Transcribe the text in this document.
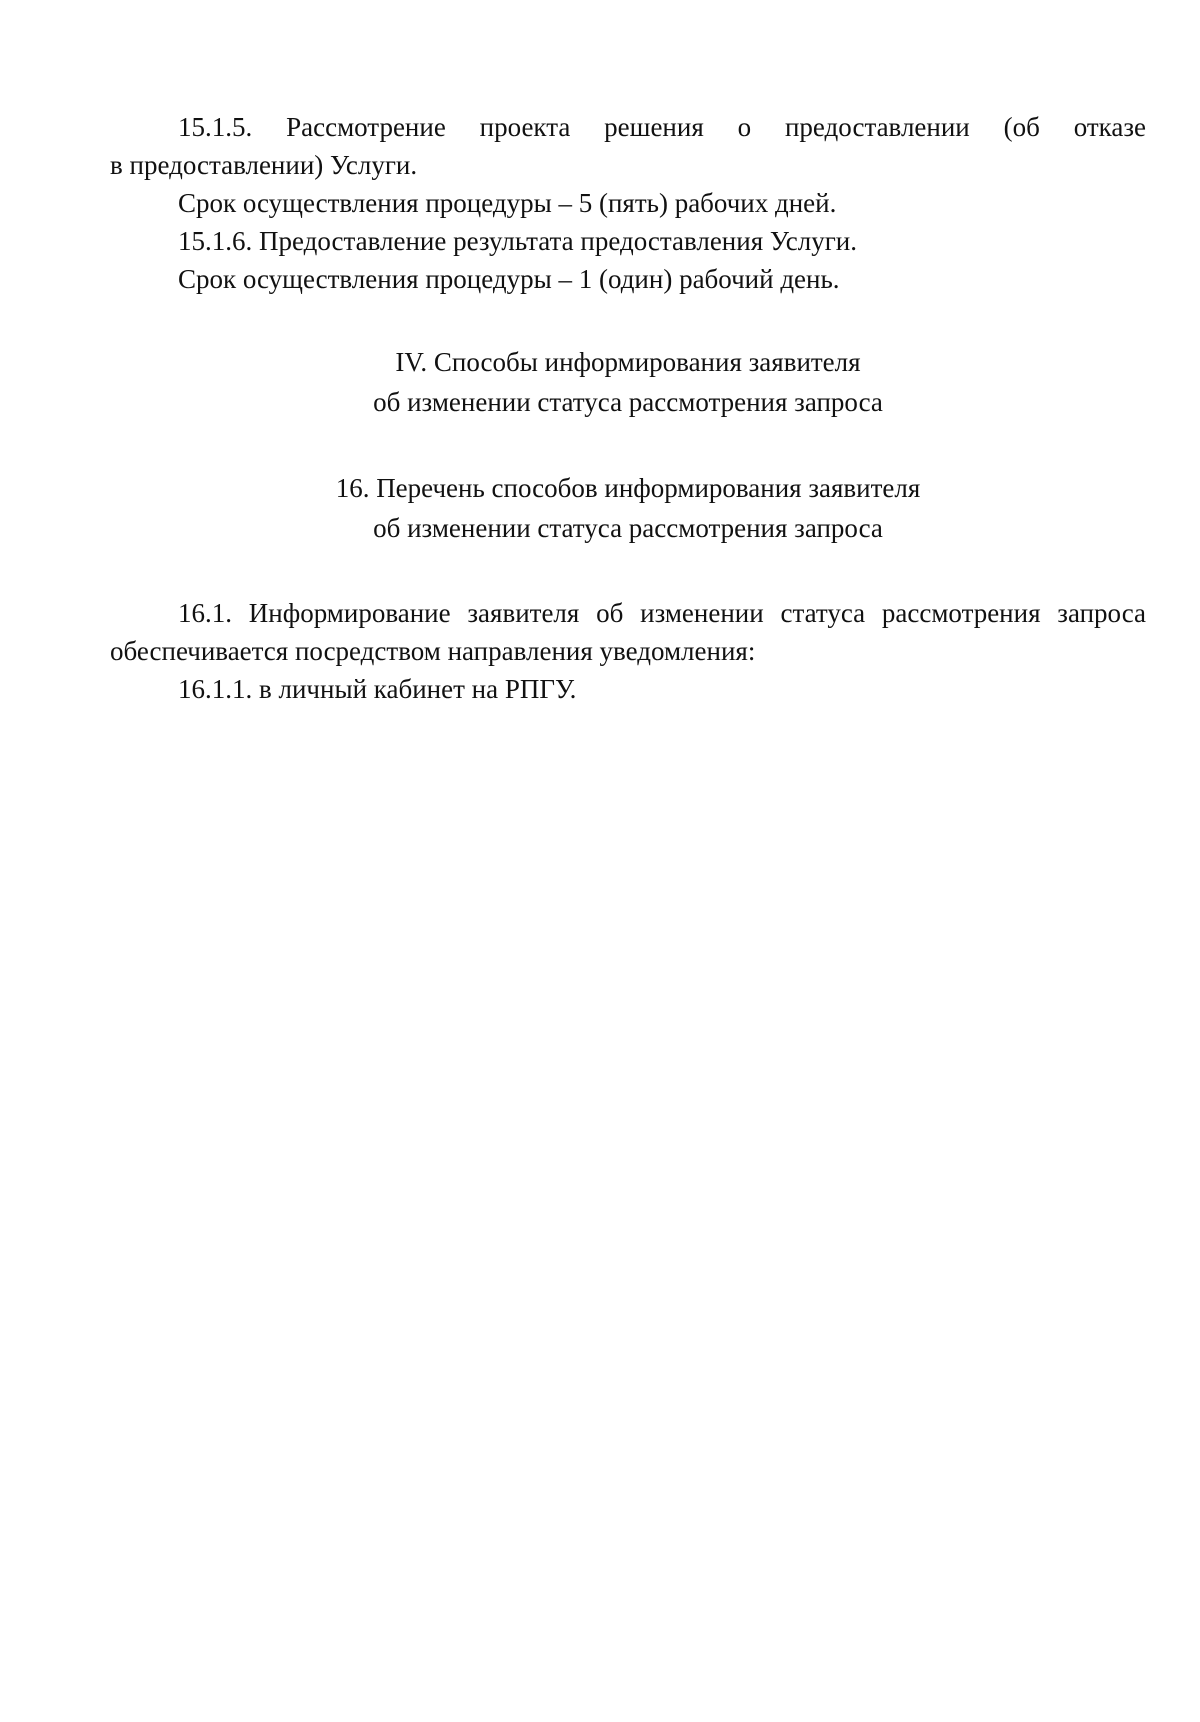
15.1.5. Рассмотрение проекта решения о предоставлении (об отказе
в предоставлении) Услуги.

Срок осуществления процедуры – 5 (пять) рабочих дней.

15.1.6. Предоставление результата предоставления Услуги.

Срок осуществления процедуры – 1 (один) рабочий день.

IV. Способы информирования заявителя

об изменении статуса рассмотрения запроса

16. Перечень способов информирования заявителя

об изменении статуса рассмотрения запроса

16.1. Информирование заявителя об изменении статуса рассмотрения запроса
обеспечивается посредством направления уведомления:

16.1.1. в личный кабинет на РПГУ.
